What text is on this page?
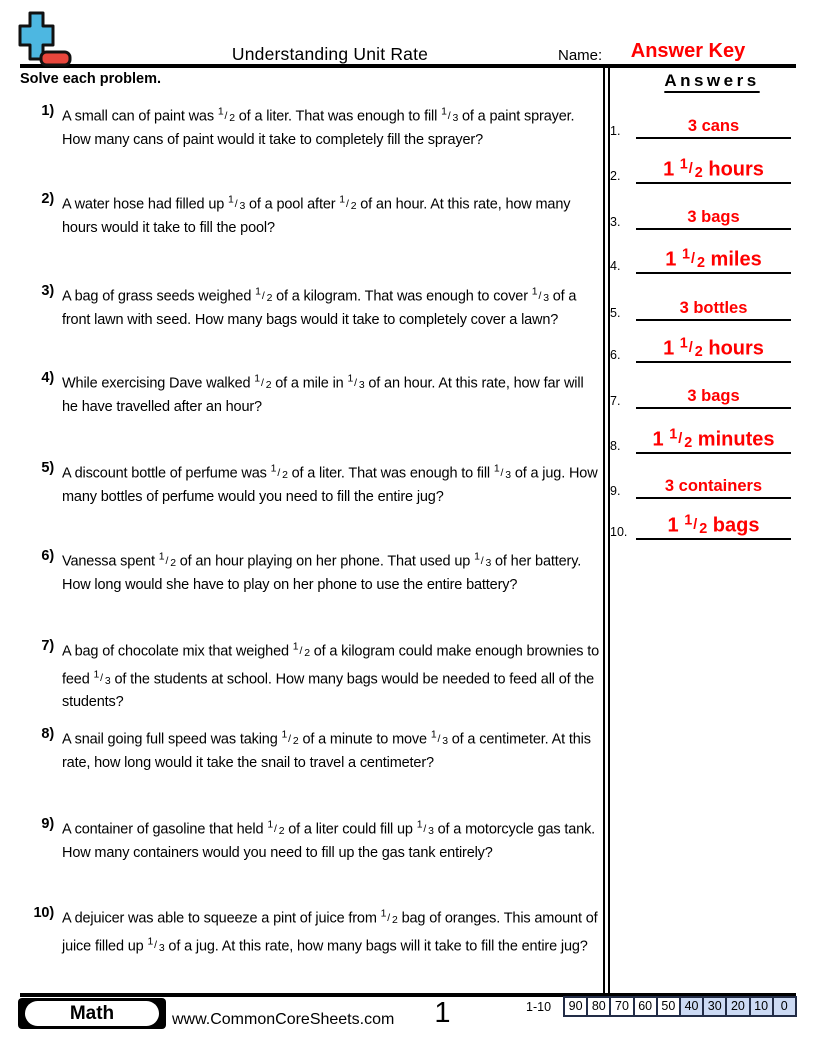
Understanding Unit Rate	Name:	Answer Key
Solve each problem.
1) A small can of paint was $^1$/ 2 of a liter. That was enough to fill $^1$/ 3 of a paint sprayer. How many cans of paint would it take to completely fill the sprayer?
2) A water hose had filled up $^1$/ 3 of a pool after $^1$/ 2 of an hour. At this rate, how many hours would it take to fill the pool?
3) A bag of grass seeds weighed $^1$/ 2 of a kilogram. That was enough to cover $^1$/ 3 of a front lawn with seed. How many bags would it take to completely cover a lawn?
4) While exercising Dave walked $^1$/ 2 of a mile in $^1$/ 3 of an hour. At this rate, how far will he have travelled after an hour?
5) A discount bottle of perfume was $^1$/ 2 of a liter. That was enough to fill $^1$/ 3 of a jug. How many bottles of perfume would you need to fill the entire jug?
6) Vanessa spent $^1$/ 2 of an hour playing on her phone. That used up $^1$/ 3 of her battery. How long would she have to play on her phone to use the entire battery?
7) A bag of chocolate mix that weighed $^1$/ 2 of a kilogram could make enough brownies to feed $^1$/ 3 of the students at school. How many bags would be needed to feed all of the students?
8) A snail going full speed was taking $^1$/ 2 of a minute to move $^1$/ 3 of a centimeter. At this rate, how long would it take the snail to travel a centimeter?
9) A container of gasoline that held $^1$/ 2 of a liter could fill up $^1$/ 3 of a motorcycle gas tank. How many containers would you need to fill up the gas tank entirely?
10) A dejuicer was able to squeeze a pint of juice from $^1$/ 2 bag of oranges. This amount of juice filled up $^1$/ 3 of a jug. At this rate, how many bags will it take to fill the entire jug?
Answers
1.	3 cans
2. 1 $^1$/ 2 hours
3.	3 bags
4. 1 $^1$/ 2 miles
5.	3 bottles
6. 1 $^1$/ 2 hours
7.	3 bags
8. 1 $^1$/ 2 minutes
9.	3 containers
10. 1 $^1$/ 2 bags
Math	www.CommonCoreSheets.com	1	1-10 90 80 70 60 50 40 30 20 10	0
